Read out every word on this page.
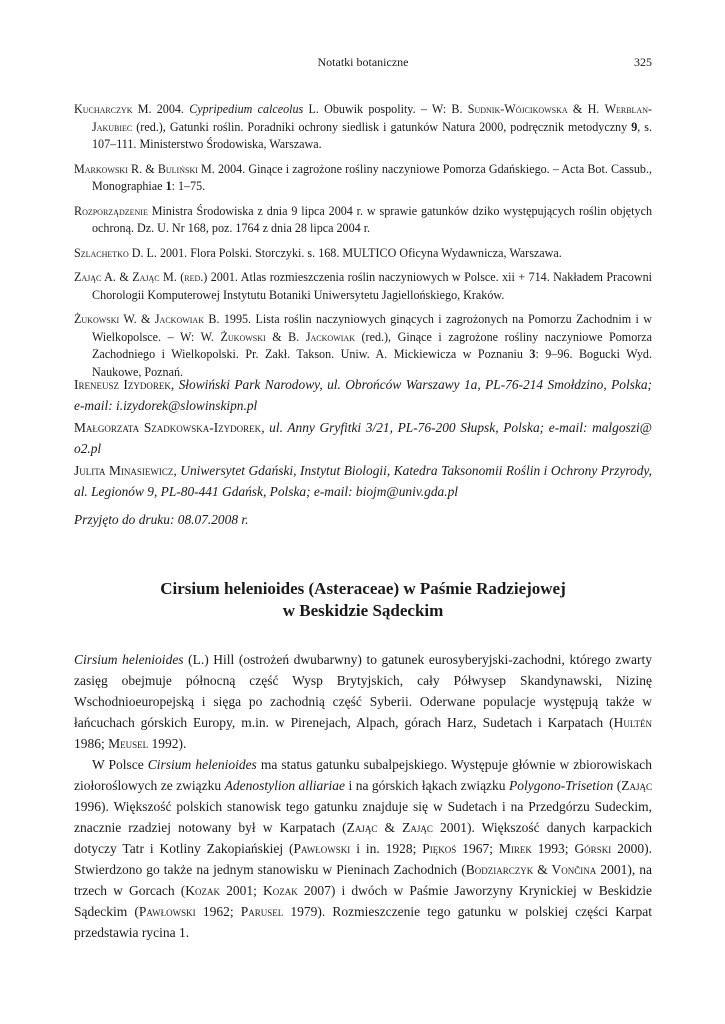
Notatki botaniczne	325

Kucharczyk M. 2004. Cypripedium calceolus L. Obuwik pospolity. – W: B. Sudnik-Wójcikowska & H. Werblan-Jakubiec (red.), Gatunki roślin. Poradniki ochrony siedlisk i gatunków Natura 2000, podręcznik metodyczny 9, s. 107–111. Ministerstwo Środowiska, Warszawa.

Markowski R. & Buliński M. 2004. Ginące i zagrożone rośliny naczyniowe Pomorza Gdańskiego. – Acta Bot. Cassub., Monographiae 1: 1–75.

Rozporządzenie Ministra Środowiska z dnia 9 lipca 2004 r. w sprawie gatunków dziko występujących roślin objętych ochroną. Dz. U. Nr 168, poz. 1764 z dnia 28 lipca 2004 r.

Szlachetko D. L. 2001. Flora Polski. Storczyki. s. 168. MULTICO Oficyna Wydawnicza, Warszawa.

Zając A. & Zając M. (red.) 2001. Atlas rozmieszczenia roślin naczyniowych w Polsce. xii + 714. Nakładem Pracowni Chorologii Komputerowej Instytutu Botaniki Uniwersytetu Jagiellońskiego, Kraków.

Żukowski W. & Jackowiak B. 1995. Lista roślin naczyniowych ginących i zagrożonych na Pomorzu Zachodnim i w Wielkopolsce. – W: W. Żukowski & B. Jackowiak (red.), Ginące i zagrożone rośliny naczyniowe Pomorza Zachodniego i Wielkopolski. Pr. Zakł. Takson. Uniw. A. Mickiewicza w Poznaniu 3: 9–96. Bogucki Wyd. Naukowe, Poznań.

Ireneusz Izydorek, Słowiński Park Narodowy, ul. Obrońców Warszawy 1a, PL-76-214 Smołdzino, Polska; e-mail: i.izydorek@slowinskipn.pl

Małgorzata Szadkowska-Izydorek, ul. Anny Gryfitki 3/21, PL-76-200 Słupsk, Polska; e-mail: malgoszi@ o2.pl

Julita Minasiewicz, Uniwersytet Gdański, Instytut Biologii, Katedra Taksonomii Roślin i Ochrony Przyrody, al. Legionów 9, PL-80-441 Gdańsk, Polska; e-mail: biojm@univ.gda.pl

Przyjęto do druku: 08.07.2008 r.

Cirsium helenioides (Asteraceae) w Paśmie Radziejowej
w Beskidzie Sądeckim

Cirsium helenioides (L.) Hill (ostrożeń dwubarwny) to gatunek eurosyberyjski-zachodni, którego zwarty zasięg obejmuje północną część Wysp Brytyjskich, cały Półwysep Skandynawski, Nizinę Wschodnioeuropejską i sięga po zachodnią część Syberii. Oderwane populacje występują także w łańcuchach górskich Europy, m.in. w Pirenejach, Alpach, górach Harz, Sudetach i Karpatach (Hultén 1986; Meusel 1992).

W Polsce Cirsium helenioides ma status gatunku subalpejskiego. Występuje głównie w zbiorowiskach ziołoroślowych ze związku Adenostylion alliariae i na górskich łąkach związku Polygono-Trisetion (Zając 1996). Większość polskich stanowisk tego gatunku znajduje się w Sudetach i na Przedgórzu Sudeckim, znacznie rzadziej notowany był w Karpatach (Zając & Zając 2001). Większość danych karpackich dotyczy Tatr i Kotliny Zakopiańskiej (Pawłowski i in. 1928; Piękoś 1967; Mirek 1993; Górski 2000). Stwierdzono go także na jednym stanowisku w Pieninach Zachodnich (Bodziarczyk & Vončina 2001), na trzech w Gorcach (Kozak 2001; Kozak 2007) i dwóch w Paśmie Jaworzyny Krynickiej w Beskidzie Sądeckim (Pawłowski 1962; Parusel 1979). Rozmieszczenie tego gatunku w polskiej części Karpat przedstawia rycina 1.
